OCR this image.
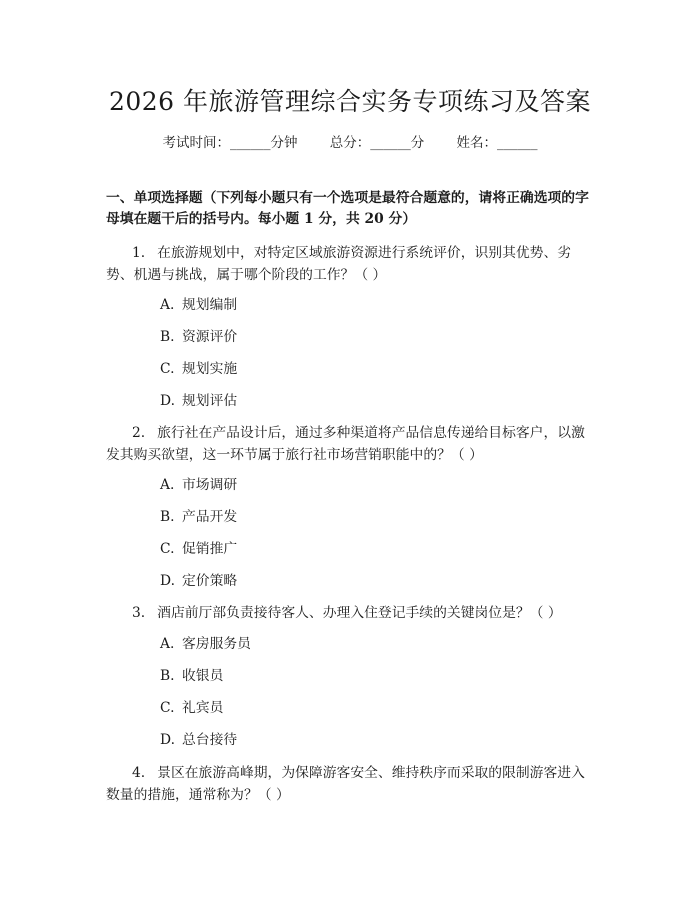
2026 年旅游管理综合实务专项练习及答案
考试时间：______分钟 总分：______分 姓名：______
一、单项选择题（下列每小题只有一个选项是最符合题意的，请将正确选项的字母填在题干后的括号内。每小题 1 分，共 20 分）
1. 在旅游规划中，对特定区域旅游资源进行系统评价，识别其优势、劣势、机遇与挑战，属于哪个阶段的工作？（ ）
A. 规划编制
B. 资源评价
C. 规划实施
D. 规划评估
2. 旅行社在产品设计后，通过多种渠道将产品信息传递给目标客户，以激发其购买欲望，这一环节属于旅行社市场营销职能中的？（ ）
A. 市场调研
B. 产品开发
C. 促销推广
D. 定价策略
3. 酒店前厅部负责接待客人、办理入住登记手续的关键岗位是？（ ）
A. 客房服务员
B. 收银员
C. 礼宾员
D. 总台接待
4. 景区在旅游高峰期，为保障游客安全、维持秩序而采取的限制游客进入数量的措施，通常称为？（ ）
